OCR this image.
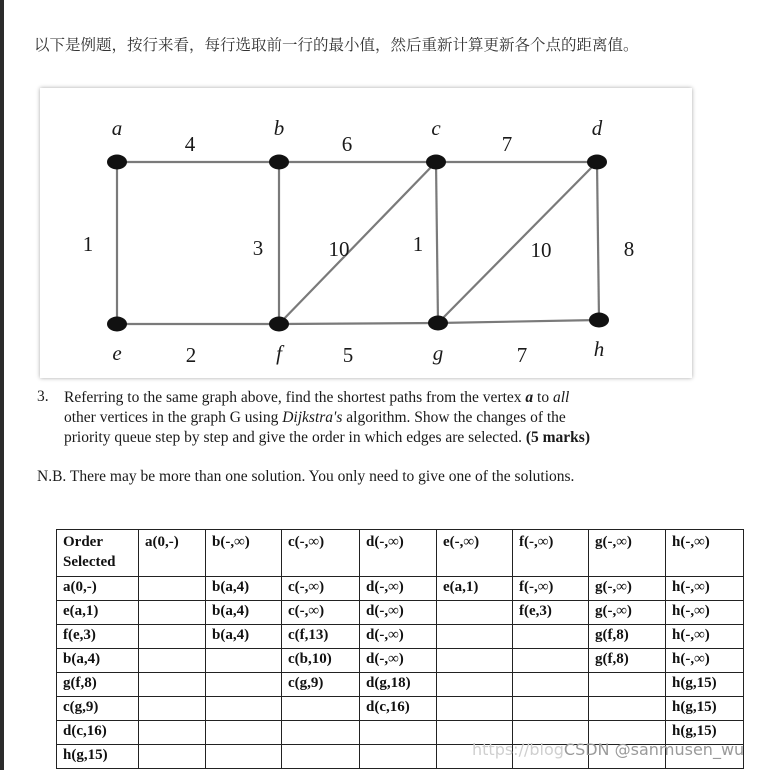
以下是例题，按行来看，每行选取前一行的最小值，然后重新计算更新各个点的距离值。
a	b	c	d
e	f	g	h
4	6	7
1	3	10	1	10	8
2	5	7
3. Referring to the same graph above, find the shortest paths from the vertex a to all
other vertices in the graph G using Dijkstra's algorithm. Show the changes of the
priority queue step by step and give the order in which edges are selected. (5 marks)
N.B. There may be more than one solution. You only need to give one of the solutions.
Order
Selected	a(0,-)	b(-,∞)	c(-,∞)	d(-,∞)	e(-,∞)	f(-,∞)	g(-,∞)	h(-,∞)
a(0,-)		b(a,4)	c(-,∞)	d(-,∞)	e(a,1)	f(-,∞)	g(-,∞)	h(-,∞)
e(a,1)		b(a,4)	c(-,∞)	d(-,∞)		f(e,3)	g(-,∞)	h(-,∞)
f(e,3)		b(a,4)	c(f,13)	d(-,∞)			g(f,8)	h(-,∞)
b(a,4)			c(b,10)	d(-,∞)			g(f,8)	h(-,∞)
g(f,8)			c(g,9)	d(g,18)				h(g,15)
c(g,9)				d(c,16)				h(g,15)
d(c,16)								h(g,15)
h(g,15)									https://blogCSDN @sanmusen_wu
